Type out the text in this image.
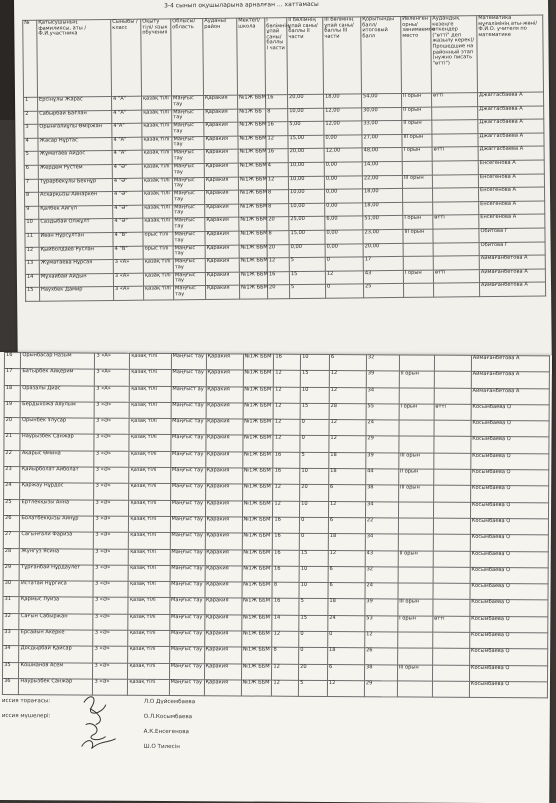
3-4 сынып оқушыларына арналған ... хаттамасы
№	Қатысушының фамилиясы, аты /Ф.И.участника	Сыныбы /класс	Оқыту тілі/ язык обучения	Облысы/ область	Ауданы/ район	Мектеп/ школа	I бөлімнің ұпай саны/ баллы I части	II бөлімнің ұпай саны/ баллы II части	III бөлімнің ұпай саны/ баллы III части	Қорытынды балл/ итоговый балл	Иеленген орны/ занимаемое место	Аудандық кезеңге өткендер ("өтті" деп жазылу керек)/ Прошедшие на районный этап (нужно писать "өтті")	Математика мұғалімінің аты-жөні/ Ф.И.О. учителя по математике
1	Ерсінұлы Жарас	4 "А"	қазақ тілі	Маңғыс тау	Қаракия	№1Ж ББМ	16	20,00	18,00	54,00	II орын	өтті	Джаггасбаева А
2	Сабырбай Бағлан	4 "А"	қазақ тілі	Маңғыс тау	Қаракия	№1Ж ББ	8	10,00	12,00	30,00	II орын		Джаггасбаева А
3	Орынғалиұлы Өміржан	4"А"	қазақ тілі	Маңғыс тау	Қаракия	№1Ж ББМ	16	5,00	12,00	33,00	II орын		Джаггасбаева А
4	Жасар Нұртас	4 "А"	қазақ тілі	Маңғыс тау	Қаракия	№1Ж ББМ	12	15,00	0,00	27,00	III орын		Джаггасбаева А
5	Жұматаев Айдос	4 "А"	қазақ тілі	Маңғыс тау	Қаракия	№1Ж ББМ	16	20,00	12,00	48,00	I орын	өтті	Джаггасбаева А
6	Жердем Рустем	4 "Ә"	қазақ тілі	Маңғыс тау	Қаракия	№1Ж ББМ	4	10,00	0,00	14,00			Енсегенова А
7	Тұрарбекұлы Бекнұр	4 "Ә"	қазақ тілі	Маңғыс тау	Қаракия	№1Ж ББМ	12	10,00	0,00	22,00	III орын		Енсегенова А
8	Асқарқызы Айнаркен	4 "Ә"	қазақ тілі	Маңғыс тау	Қаракия	№1Ж ББМ	8	10,00	0,00	18,00			Енсегенова А
9	Қалбек Айгүл	4 "Ә"	қазақ тілі	Маңғыс тау	Қаракия	№1Ж ББМ	8	10,00	0,00	18,00			Енсегенова А
10	Саздыбай Олжұлт	4 "Ә"	қазақ тілі	Маңғыс тау	Қаракия	№1Ж ББМ	20	25,00	6,00	51,00	I орын	өтті	Енсегенова А
11	Иван Нұрсұлтан	4 "В"	орыс тілі	Маңғыс тау	Қаракия	№1Ж ББМ	8	15,00	0,00	23,00	III орын		Обитова Г
12	Қыйболдаев Руслан	4 "В"	орыс тілі	Маңғыс тау	Қаракия	№1Ж ББМ	20	0,00	0,00	20,00			Обитова Г
13	Жұматаева Нұрсая	3 «А»	қазақ тілі	Маңғыс тау	Қаракия	№1Ж ББМ	12	5	0	17			Аймағанбетова А
14	Мұхайбай Айдын	3 «А»	қазақ тілі	Маңғыс тау	Қаракия	№1Ж ББМ	16	15	12	43	I орын	өтті	Аймағанбетова А
15	Наухбек Дамир	3 «А»	қазақ тілі	Маңғыс тау	Қаракия	№1Ж ББМ	20	5	0	25			Аймағанбетова А
16	Орынбасар Назым	3 «А»	қазақ тілі	Маңғыс тау	Қаракия	№1Ж ББМ	16	10	6	32			Аймағанбетова А
17	Батырбек Айқерим	3 «А»	қазақ тілі	Маңғыс тау	Қаракия	№1Ж ББМ	12	15	12	39	II орын		Аймағанбетова А
18	Оразалы Диас	3 «А»	қазақ тілі	Маңғыст ау	Қаракия	№1Ж ББМ	12	10	12	34			Аймағанбетова А
19	Бердыхожа Аяулым	3 «Ә»	қазақ тілі	Маңғыс тау	Қаракия	№1Ж ББМ	12	15	28	55	I орын	өтті	Косымбаева О
20	Орынбек Ұлусар	3 «Ә»	қазақ тілі	Маңғыс тау	Қаракия	№1Ж ББМ	12	0	12	24			Косымбаева О
21	Наурызбек Санжар	3 «Ә»	қазақ тілі	Маңғыс тау	Қаракия	№1Ж ББМ	12	0	12	29			Косымбаева О
22	Ақарыс Өмина	3 «Ә»	қазақ тілі	Маңғыс тау	Қаракия	№1Ж ББМ	16	5	18	39	III орын		Косымбаева О
23	Қайырболат Айболат	3 «Ә»	қазақ тілі	Маңғыс тау	Қаракия	№1Ж ББМ	16	10	18	44	II орын		Косымбаева О
24	Қаржау Нұрдос	3 «Ә»	қазақ тілі	Маңғыс тау	Қаракия	№1Ж ББМ	12	20	6	38	III орын		Косымбаева О
25	Ертлекқызы Анна	3 «Ә»	қазақ тілі	Маңғыс тау	Қаракия	№1Ж ББМ	12	10	12	34			Косымбаева О
26	Болатбекқызы Айнұр	3 «Ә»	қазақ тілі	Маңғыс тау	Қаракия	№1Ж ББМ	16	0	6	22			Косымбаева О
27	Сагынғали Фариза	3 «Ә»	қазақ тілі	Маңғыс тау	Қаракия	№1Ж ББМ	16	0	18	34			Косымбаева О
28	Жунгуз Ясина	3 «Ә»	қазақ тілі	Маңғыс тау	Қаракия	№1Ж ББМ	16	15	12	43	II орын		Косымбаева О
29	Тұрғанбай Нұрдаулет	3 «Ә»	қазақ тілі	Маңғыс тау	Қаракия	№1Ж ББМ	16	10	6	32			Косымбаева О
30	Истатай Нұргиса	3 «Ә»	қазақ тілі	Маңғыс тау	Қаракия	№1Ж ББМ	8	10	6	24			Косымбаева О
31	Қармыс Луиза	3 «Ә»	қазақ тілі	Маңғыс тау	Қаракия	№1Ж ББМ	16	5	18	39	III орын		Косымбаева О
32	Сағын Сабыржан	3 «Ә»	қазақ тілі	Маңғыс тау	Қаракия	№1Ж ББМ	14	15	24	53	I орын	өтті	Косымбаева О
33	Ерсайын Акерке	3 «Ә»	қазақ тілі	Маңғыс тау	Қаракия	№1Ж ББМ	12	0	0	12			Косымбаева О
34	Досдырбай Қайсар	3 «Ә»	қазақ тілі	Маңғыс тау	Қаракия	№1Ж ББМ	8	0	18	26			Косымбаева О
35	Кошманов Асем	3 «Ә»	қазақ тілі	Маңғыс тау	Қаракия	№1Ж ББМ	12	20	6	38	III орын		Косымбаева О
36	Наурызбек Санжар	3 «Ә»	қазақ тілі	Маңғыс тау	Қаракия	№1Ж ББМ	12	5	12	29			Косымбаева О
иссия торағасы:	Л.О Дүйсембаева
иссия мүшелері:	О.Л.Косымбаева
А.К.Енсегенова
Ш.О Тилесін
